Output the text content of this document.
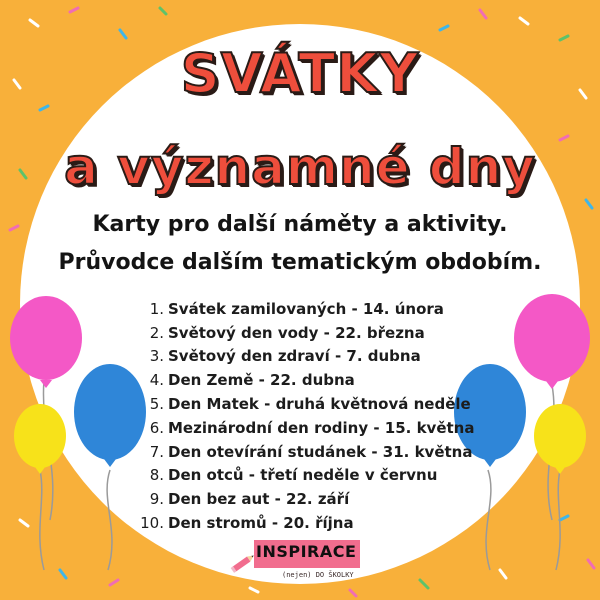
SVÁTKY
a významné dny
Karty pro další náměty a aktivity.
Průvodce dalším tematickým obdobím.
1. Svátek zamilovaných - 14. února
2. Světový den vody - 22. března
3. Světový den zdraví - 7. dubna
4. Den Země - 22. dubna
5. Den Matek - druhá květnová neděle
6. Mezinárodní den rodiny - 15. května
7. Den otevírání studánek - 31. května
8. Den otců - třetí neděle v červnu
9. Den bez aut - 22. září
10. Den stromů - 20. října
INSPIRACE
(nejen) DO ŠKOLKY
